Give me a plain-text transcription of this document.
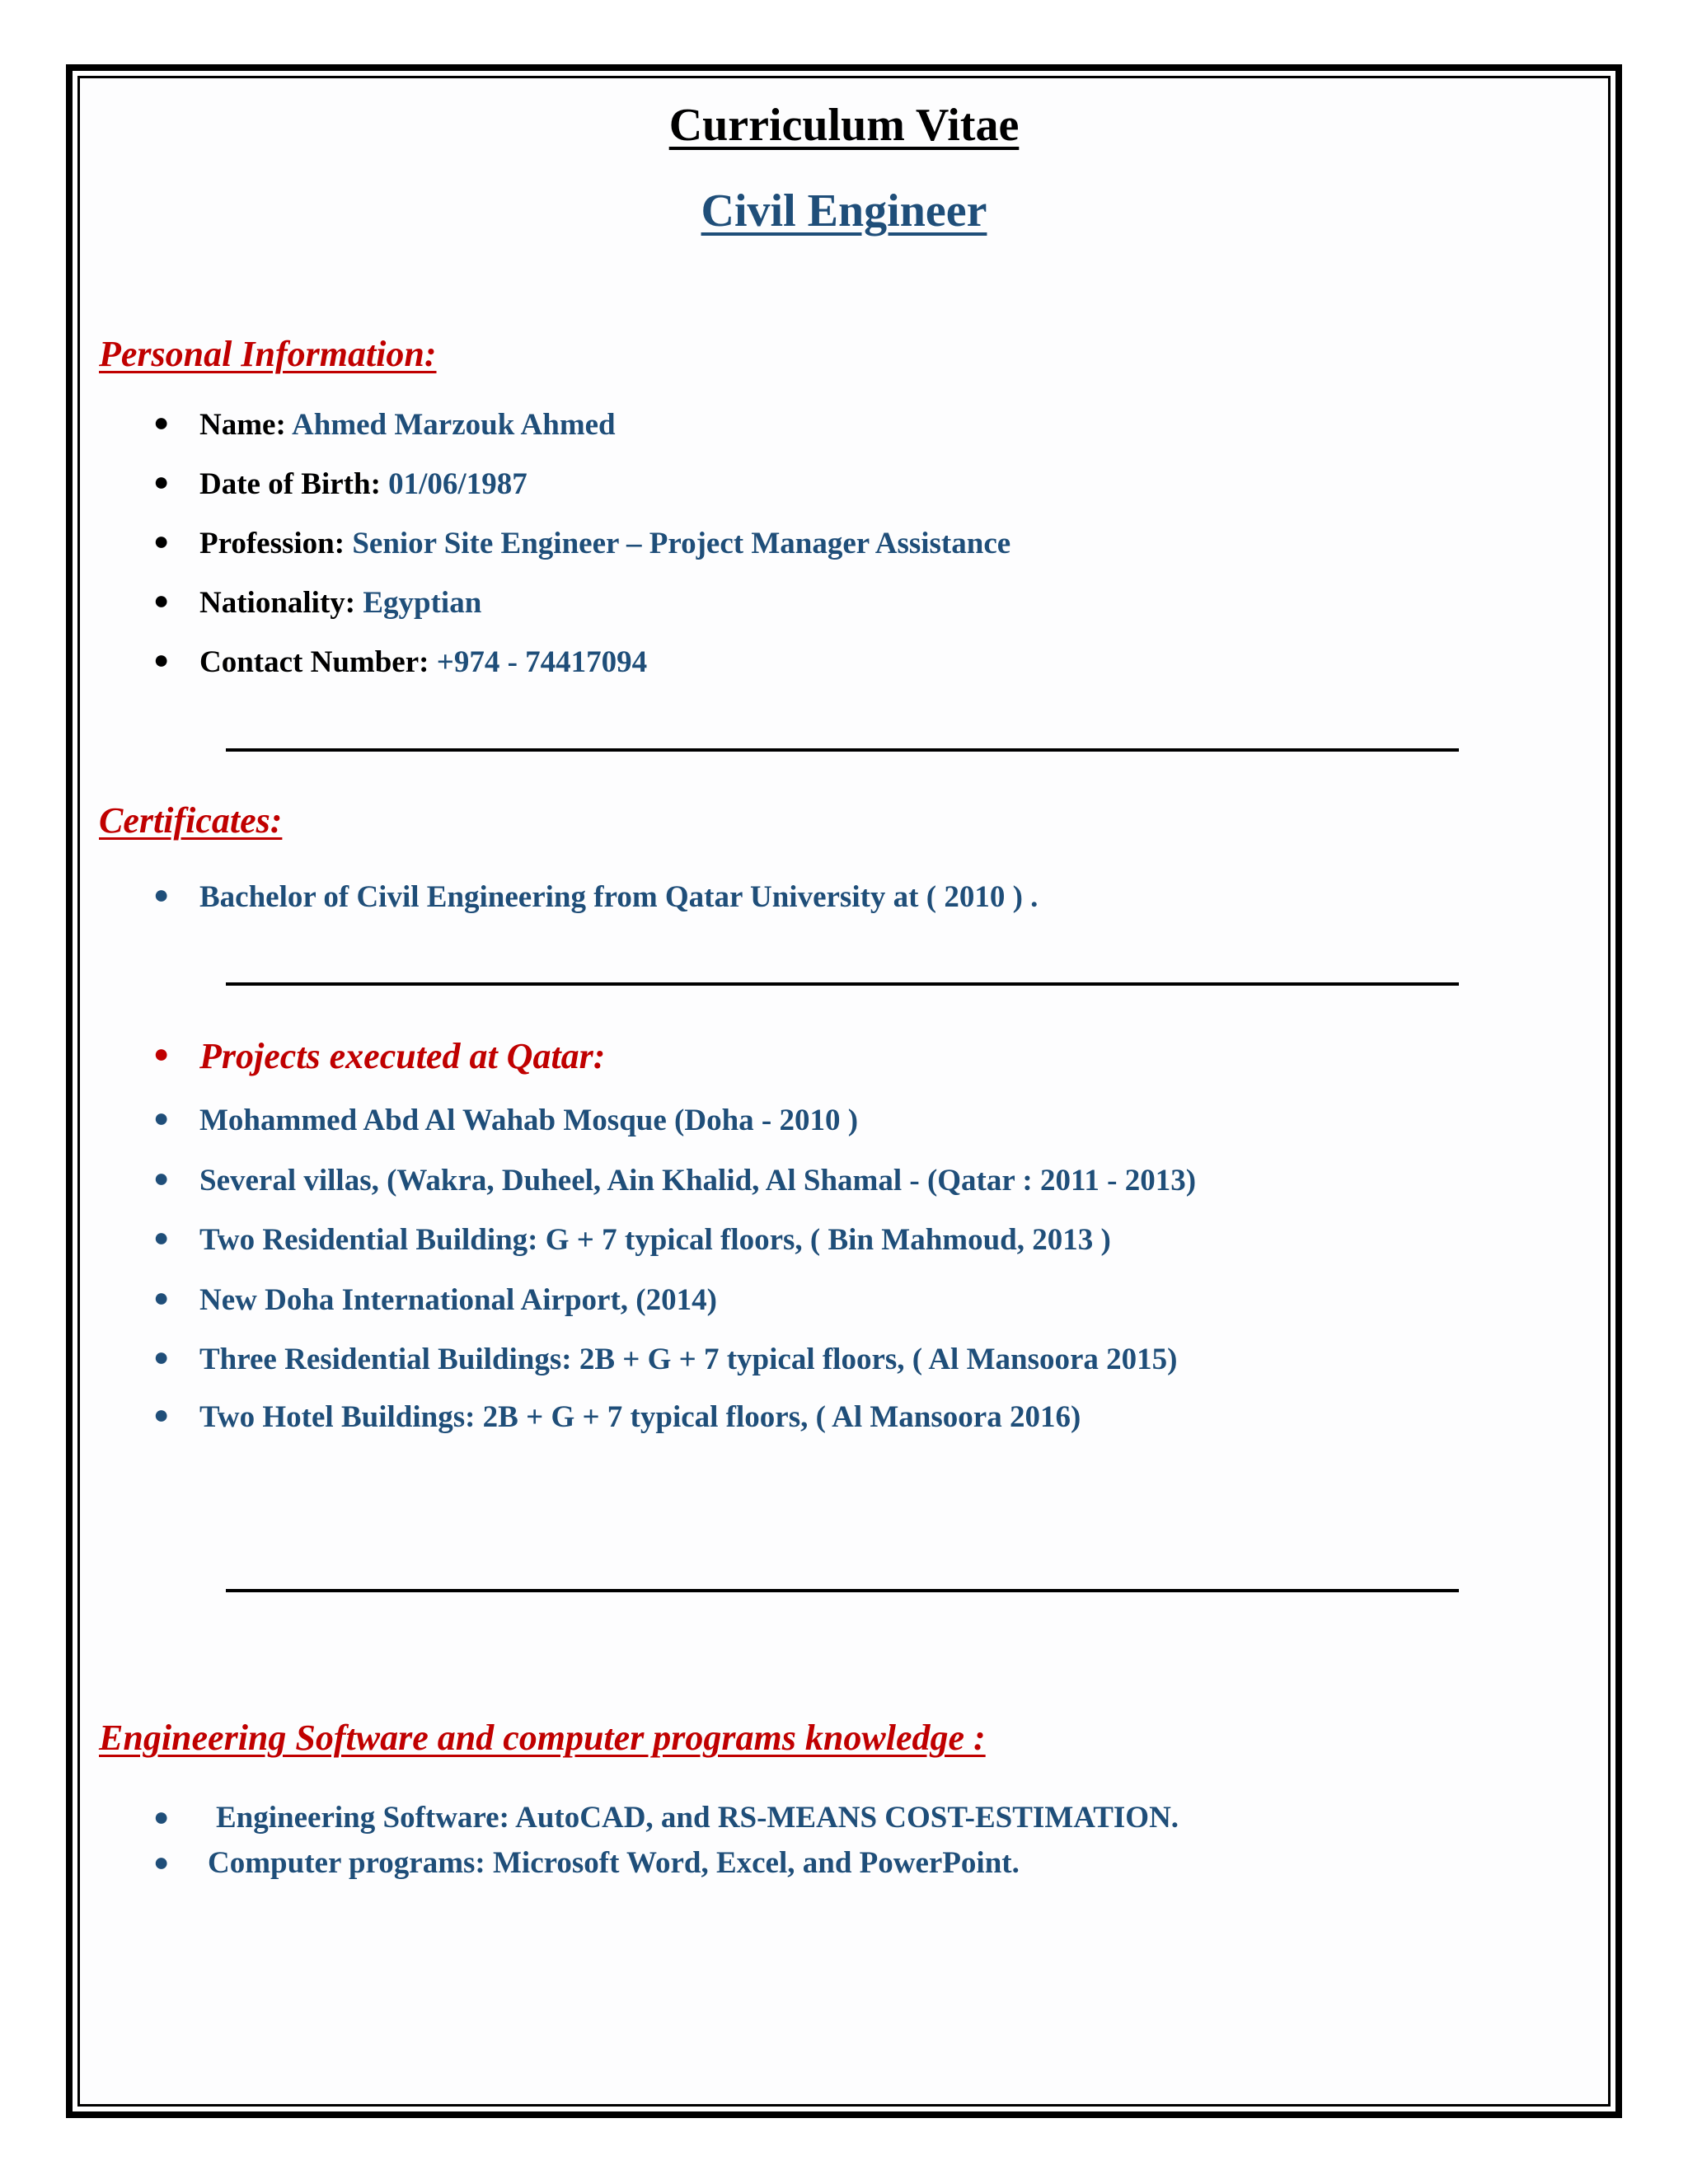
Curriculum Vitae
Civil Engineer
Personal Information:
● Name: Ahmed Marzouk Ahmed
● Date of Birth: 01/06/1987
● Profession: Senior Site Engineer – Project Manager Assistance
● Nationality: Egyptian
● Contact Number: +974 - 74417094
Certificates:
● Bachelor of Civil Engineering from Qatar University at ( 2010 ) .
● Projects executed at Qatar:
● Mohammed Abd Al Wahab Mosque (Doha - 2010 )
● Several villas, (Wakra, Duheel, Ain Khalid, Al Shamal - (Qatar : 2011 - 2013)
● Two Residential Building: G + 7 typical floors, ( Bin Mahmoud, 2013 )
● New Doha International Airport, (2014)
● Three Residential Buildings: 2B + G + 7 typical floors, ( Al Mansoora 2015)
● Two Hotel Buildings: 2B + G + 7 typical floors, ( Al Mansoora 2016)
Engineering Software and computer programs knowledge :
● Engineering Software: AutoCAD, and RS-MEANS COST-ESTIMATION.
● Computer programs: Microsoft Word, Excel, and PowerPoint.
